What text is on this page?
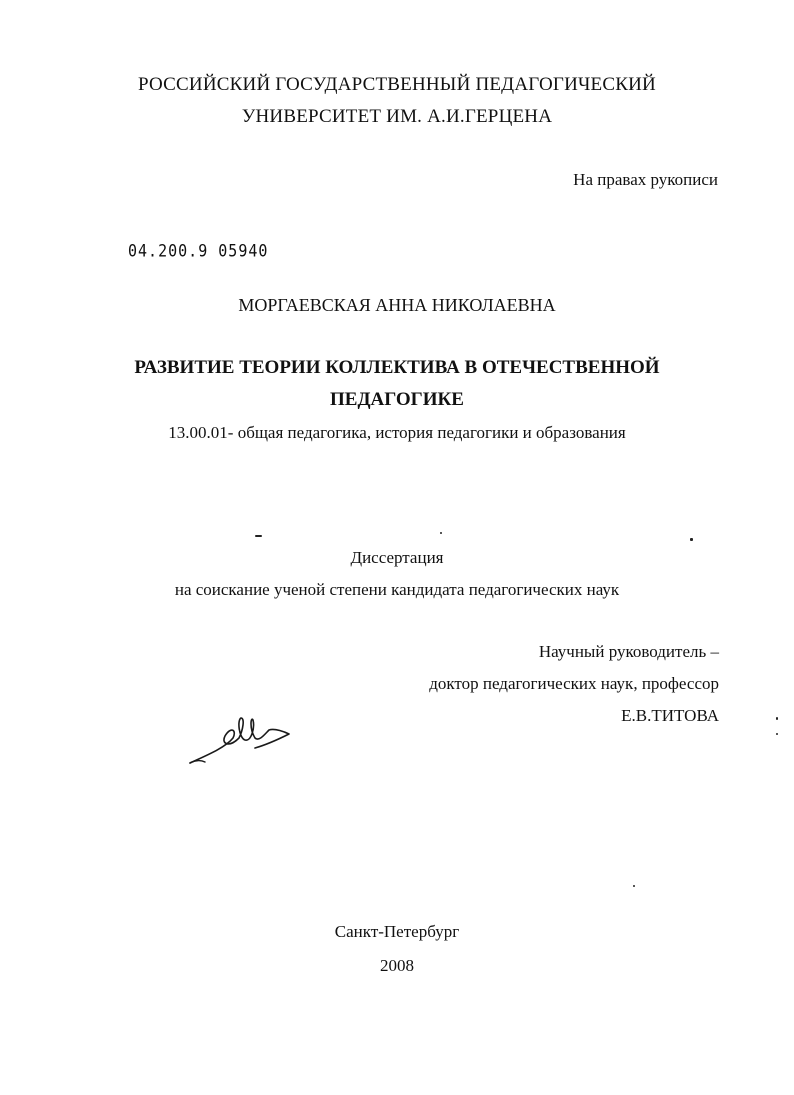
РОССИЙСКИЙ ГОСУДАРСТВЕННЫЙ ПЕДАГОГИЧЕСКИЙ
УНИВЕРСИТЕТ ИМ. А.И.ГЕРЦЕНА
На правах рукописи
04.200.9 05940
МОРГАЕВСКАЯ АННА НИКОЛАЕВНА
РАЗВИТИЕ ТЕОРИИ КОЛЛЕКТИВА В ОТЕЧЕСТВЕННОЙ
ПЕДАГОГИКЕ
13.00.01- общая педагогика, история педагогики и образования
Диссертация
на соискание ученой степени кандидата педагогических наук
Научный руководитель –
доктор педагогических наук, профессор
Е.В.ТИТОВА
Санкт-Петербург
2008
